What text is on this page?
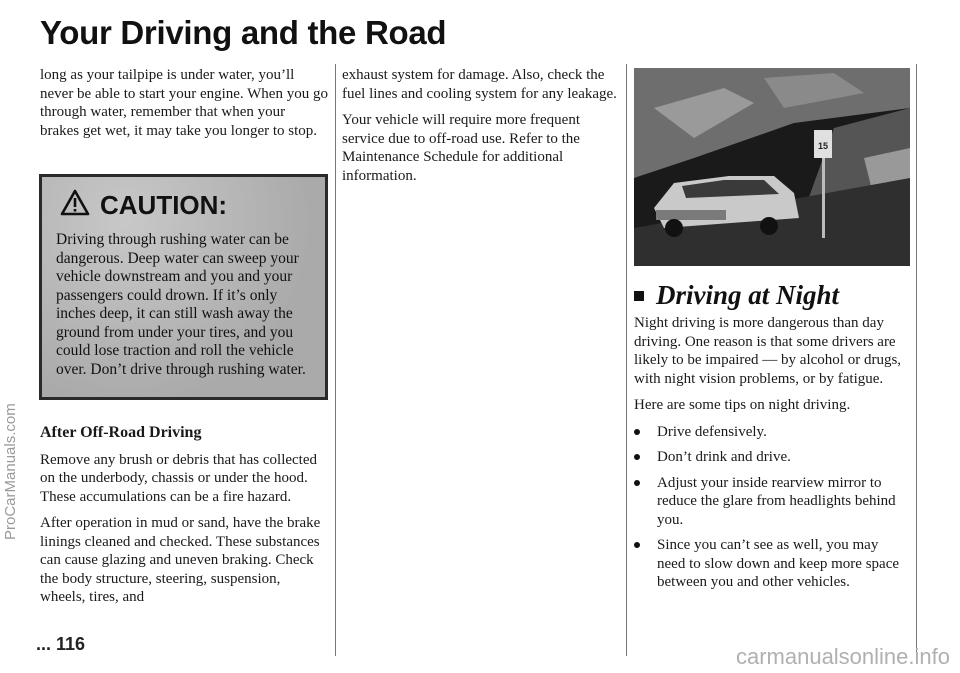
Your Driving and the Road
ProCarManuals.com

long as your tailpipe is under water, you’ll never be able to start your engine. When you go through water, remember that when your brakes get wet, it may take you longer to stop.

CAUTION:
Driving through rushing water can be dangerous. Deep water can sweep your vehicle downstream and you and your passengers could drown. If it’s only inches deep, it can still wash away the ground from under your tires, and you could lose traction and roll the vehicle over. Don’t drive through rushing water.
After Off-Road Driving

Remove any brush or debris that has collected on the underbody, chassis or under the hood. These accumulations can be a fire hazard.

After operation in mud or sand, have the brake linings cleaned and checked. These substances can cause glazing and uneven braking. Check the body structure, steering, suspension, wheels, tires, and

exhaust system for damage. Also, check the fuel lines and cooling system for any leakage.

Your vehicle will require more frequent service due to off-road use. Refer to the Maintenance Schedule for additional information.

15
Driving at Night

Night driving is more dangerous than day driving. One reason is that some drivers are likely to be impaired — by alcohol or drugs, with night vision problems, or by fatigue.

Here are some tips on night driving.

Drive defensively.
Don’t drink and drive.
Adjust your inside rearview mirror to reduce the glare from headlights behind you.
Since you can’t see as well, you may need to slow down and keep more space between you and other vehicles.
... 116	carmanualsonline.info
